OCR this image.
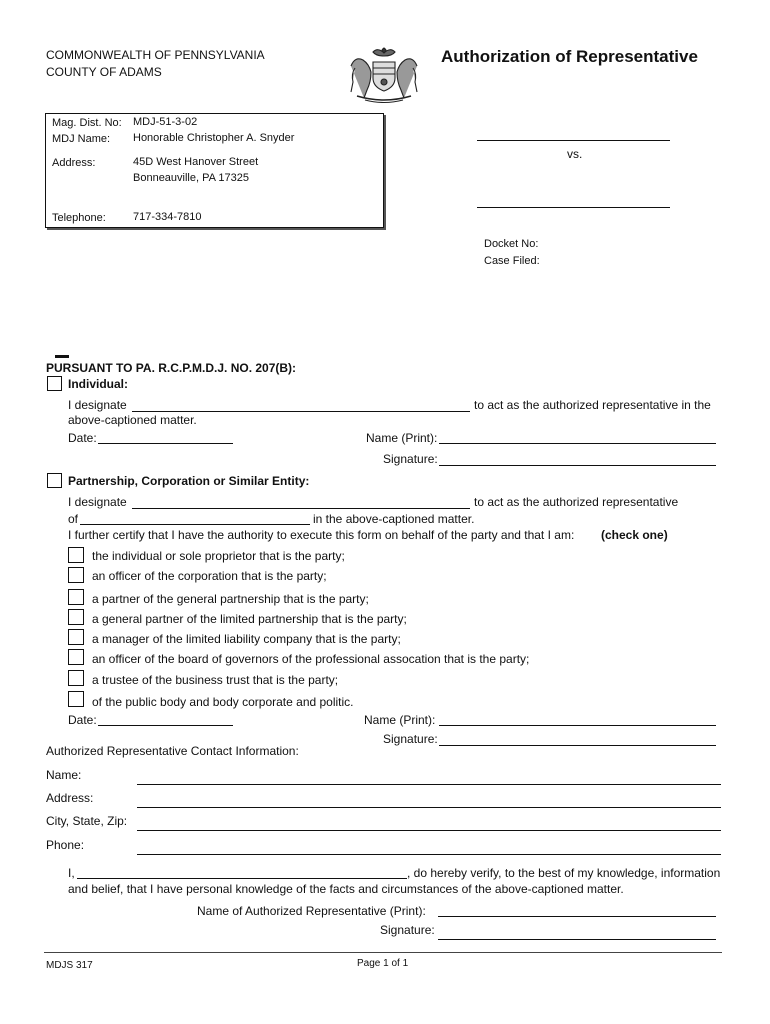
COMMONWEALTH OF PENNSYLVANIA
COUNTY OF ADAMS
Authorization of Representative
Mag. Dist. No: MDJ-51-3-02
MDJ Name: Honorable Christopher A. Snyder
Address:	45D West Hanover Street
Bonneauville, PA 17325
Telephone: 717-334-7810
vs.
Docket No:
Case Filed:
PURSUANT TO PA. R.C.P.M.D.J. NO. 207(B):
Individual:
I designate	to act as the authorized representative in the
above-captioned matter.
Date:	Name (Print):
Signature:
Partnership, Corporation or Similar Entity:
I designate	to act as the authorized representative
of	in the above-captioned matter.
I further certify that I have the authority to execute this form on behalf of the party and that I am: (check one)
the individual or sole proprietor that is the party;
an officer of the corporation that is the party;
a partner of the general partnership that is the party;
a general partner of the limited partnership that is the party;
a manager of the limited liability company that is the party;
an officer of the board of governors of the professional assocation that is the party;
a trustee of the business trust that is the party;
of the public body and body corporate and politic.
Date:	Name (Print):
Signature:
Authorized Representative Contact Information:
Name:
Address:
City, State, Zip:
Phone:
I,	, do hereby verify, to the best of my knowledge, information
and belief, that I have personal knowledge of the facts and circumstances of the above-captioned matter.
Name of Authorized Representative (Print):
Signature:
MDJS 317	Page 1 of 1
